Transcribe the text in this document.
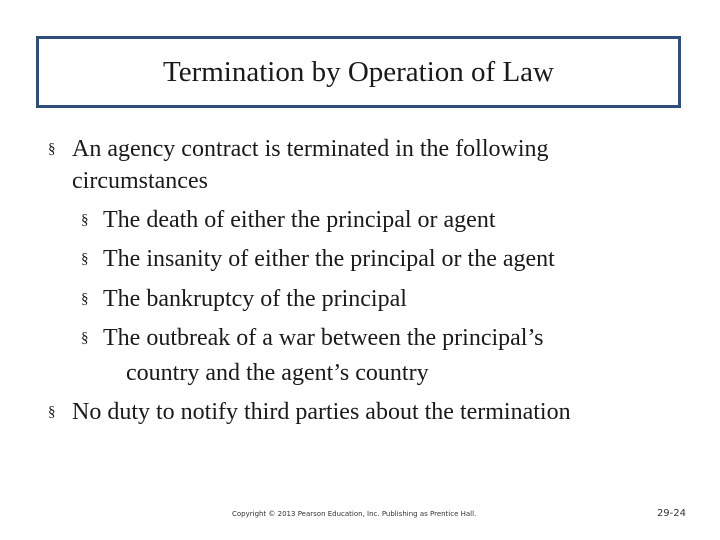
Termination by Operation of Law
§ An agency contract is terminated in the following
circumstances
§ The death of either the principal or agent
§ The insanity of either the principal or the agent
§ The bankruptcy of the principal
§ The outbreak of a war between the principal’s
country and the agent’s country
§ No duty to notify third parties about the termination
Copyright © 2013 Pearson Education, Inc. Publishing as Prentice Hall.	29-24
